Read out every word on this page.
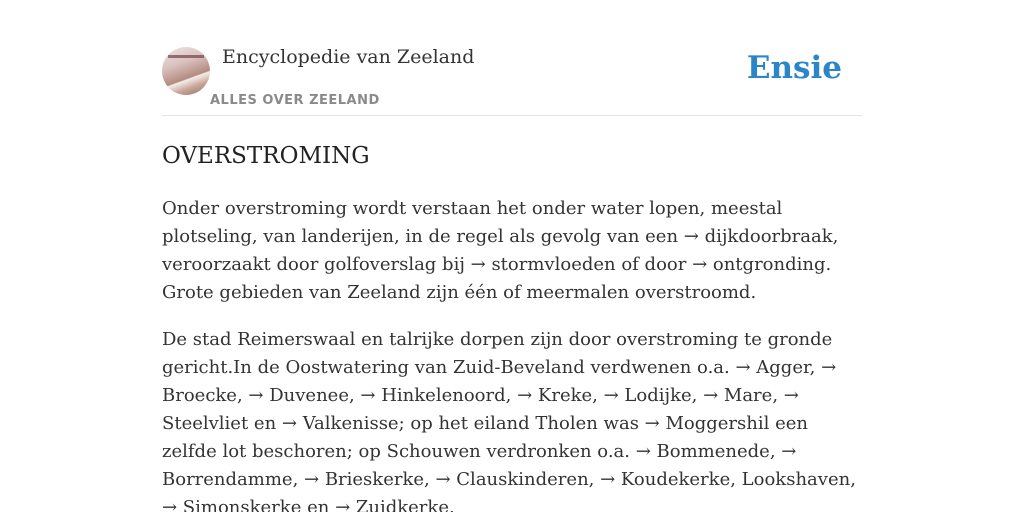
Encyclopedie van Zeeland
ALLES OVER ZEELAND
Ensie
OVERSTROMING

Onder overstroming wordt verstaan het onder water lopen, meestal plotseling, van landerijen, in de regel als gevolg van een → dijkdoorbraak, veroorzaakt door golfoverslag bij → stormvloeden of door → ontgronding. Grote gebieden van Zeeland zijn één of meermalen overstroomd.

De stad Reimerswaal en talrijke dorpen zijn door overstroming te gronde gericht.In de Oostwatering van Zuid-Beveland verdwenen o.a. → Agger, → Broecke, → Duvenee, → Hinkelenoord, → Kreke, → Lodijke, → Mare, → Steelvliet en → Valkenisse; op het eiland Tholen was → Moggershil een zelfde lot beschoren; op Schouwen verdronken o.a. → Bommenede, → Borrendamme, → Brieskerke, → Clauskinderen, → Koudekerke, Lookshaven, → Simonskerke en → Zuidkerke.
